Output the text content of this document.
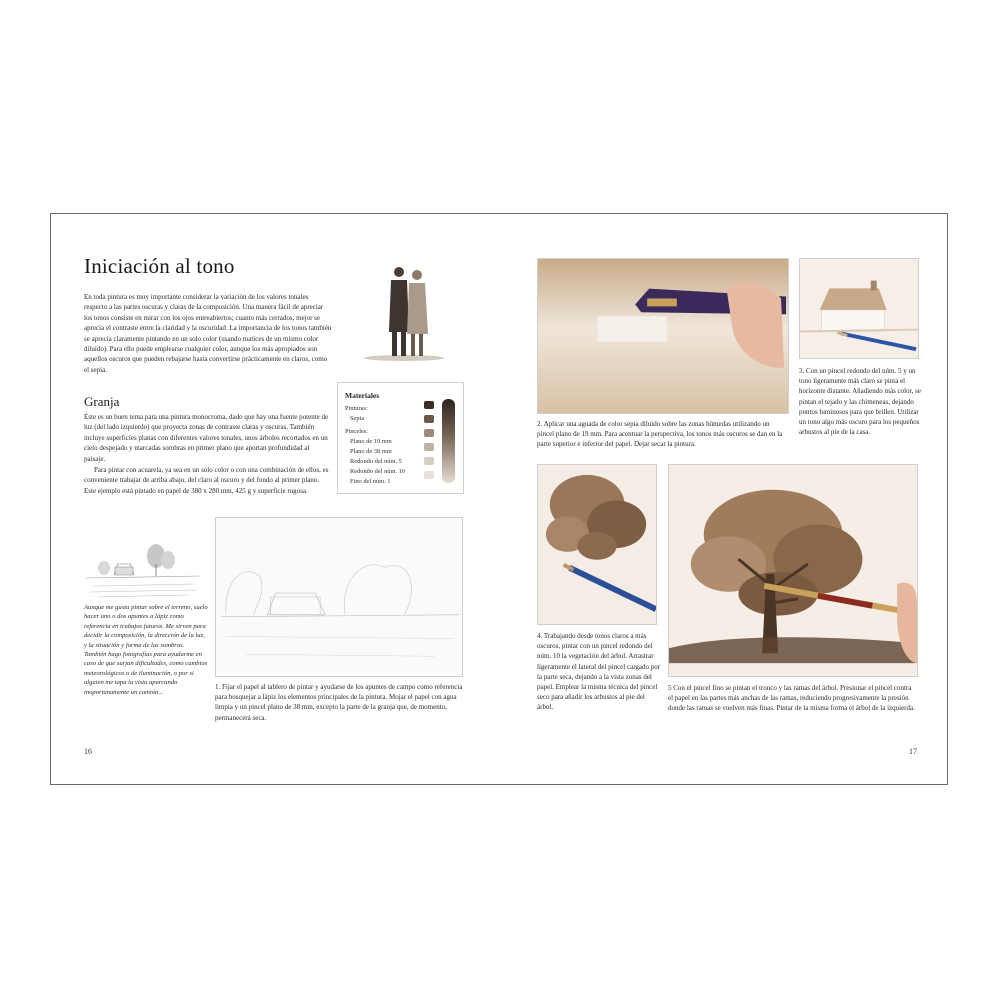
Iniciación al tono
En toda pintura es muy importante considerar la variación de los valores tonales respecto a las partes oscuras y claras de la composición. Una manera fácil de apreciar los tonos consiste en mirar con los ojos entreabiertos; cuanto más cerrados, mejor se aprecia el contraste entre la claridad y la oscuridad. La importancia de los tonos también se aprecia claramente pintando en un solo color (usando matices de un mismo color diluido). Para ello puede emplearse cualquier color, aunque los más apropiados son aquellos oscuros que pueden rebajarse hasta convertirse prácticamente en claros, como el sepia.
Granja
Éste es un buen tema para una pintura monocroma, dado que hay una fuente potente de luz (del lado izquierdo) que proyecta zonas de contraste claras y oscuras. También incluye superficies planas con diferentes valores tonales, unos árboles recortados en un cielo despejado y marcadas sombras en primer plano que aportan profundidad al paisaje.
Para pintar con acuarela, ya sea en un solo color o con una combinación de ellos, es conveniente trabajar de arriba abajo, del claro al oscuro y del fondo al primer plano. Este ejemplo está pintado en papel de 380 x 280 mm, 425 g y superficie rugosa.
Materiales
Pinturas:
Sepia
Pinceles:
Plano de 19 mm
Plano de 38 mm
Redondo del núm. 5
Redondo del núm. 10
Fino del núm. 1
Aunque me gusta pintar sobre el terreno, suelo hacer uno o dos apuntes a lápiz como referencia en trabajos futuros. Me sirven para decidir la composición, la dirección de la luz, y la situación y forma de las sombras. También hago fotografías para ayudarme en caso de que surjan dificultades, como cambios meteorológicos o de iluminación, o por si alguien me tapa la vista aparcando inoportunamente un camión...
1. Fijar el papel al tablero de pintar y ayudarse de los apuntes de campo como referencia para bosquejar a lápiz los elementos principales de la pintura. Mojar el papel con agua limpia y un pincel plano de 38 mm, excepto la parte de la granja que, de momento, permanecerá seca.
16
2. Aplicar una aguada de color sepia diluido sobre las zonas húmedas utilizando un pincel plano de 19 mm. Para acentuar la perspectiva, los tonos más oscuros se dan en la parte superior e inferior del papel. Dejar secar la pintura.
3. Con un pincel redondo del núm. 5 y un tono ligeramente más claro se pinta el horizonte distante. Añadiendo más color, se pintan el tejado y las chimeneas, dejando puntos luminosos para que brillen. Utilizar un tono algo más oscuro para los pequeños arbustos al pie de la casa.
4. Trabajando desde tonos claros a más oscuros, pintar con un pincel redondo del núm. 10 la vegetación del árbol. Arrastrar ligeramente el lateral del pincel cargado por la parte seca, dejando a la vista zonas del papel. Emplear la misma técnica del pincel seco para añadir los arbustos al pie del árbol.
5 Con el pincel fino se pintan el tronco y las ramas del árbol. Presionar el pincel contra el papel en las partes más anchas de las ramas, reduciendo progresivamente la presión donde las ramas se vuelven más finas. Pintar de la misma forma el árbol de la izquierda.
17
